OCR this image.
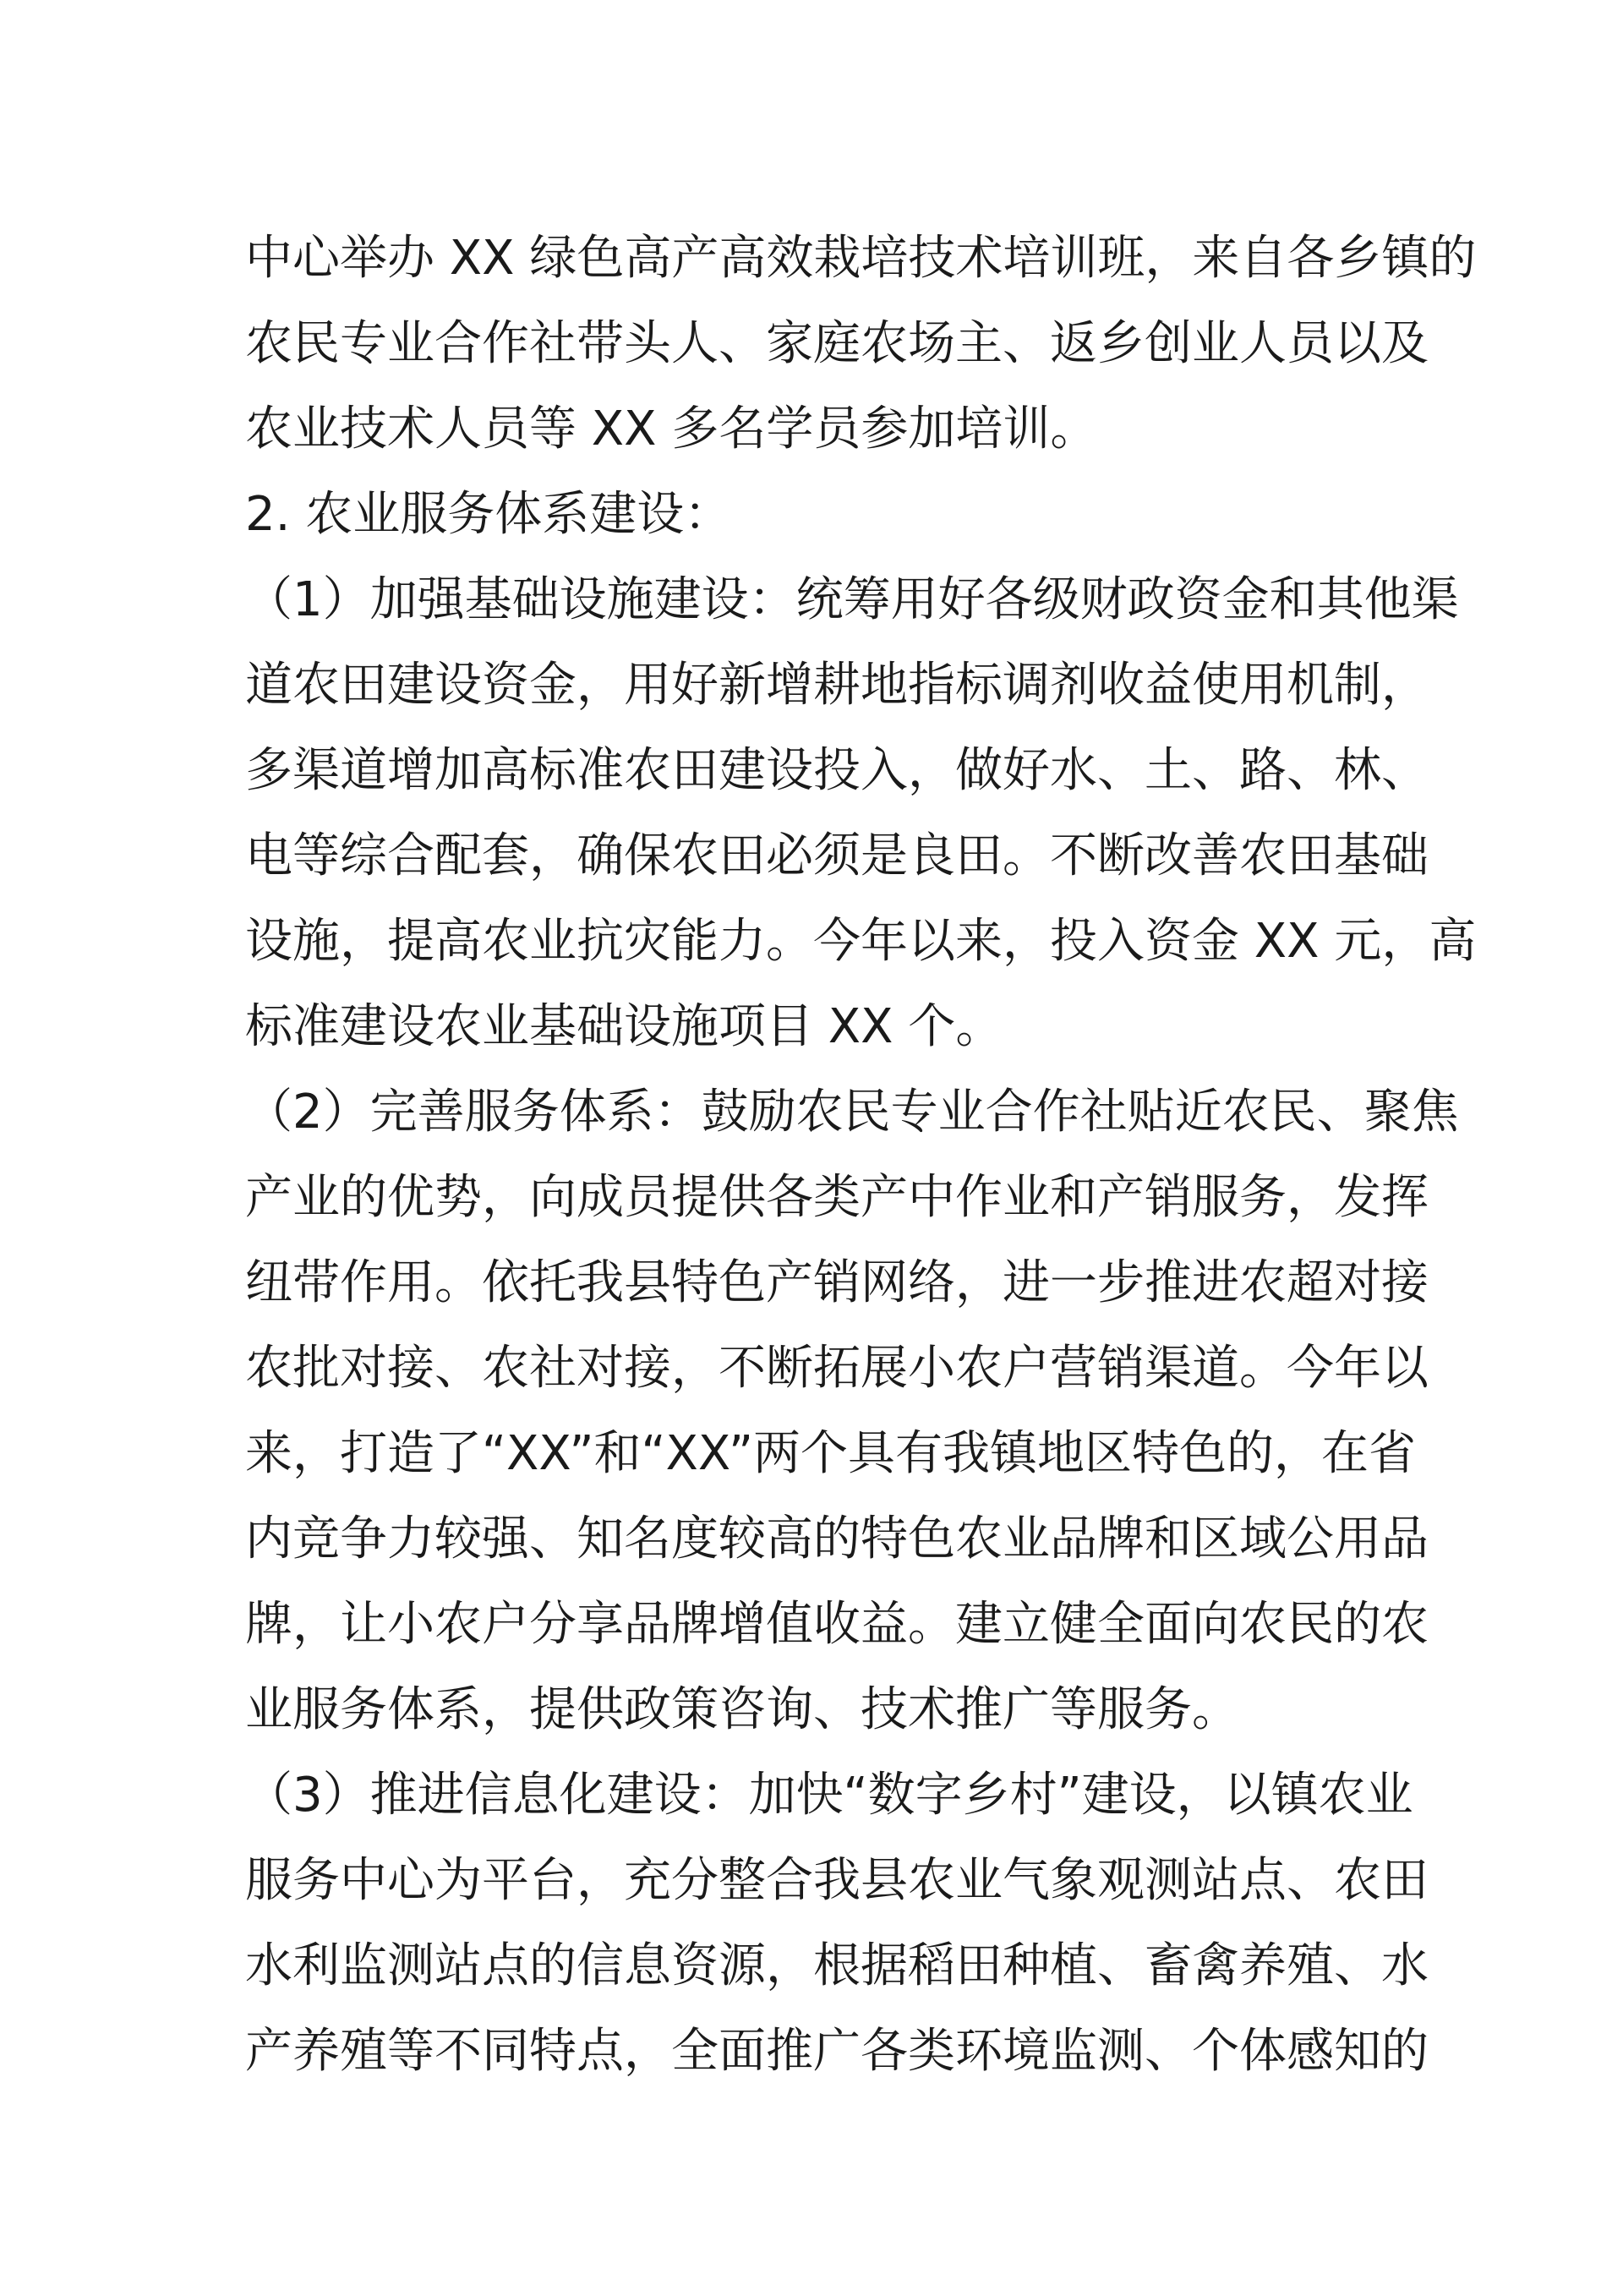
中心举办 XX 绿色高产高效栽培技术培训班，来自各乡镇的
农民专业合作社带头人、家庭农场主、返乡创业人员以及
农业技术人员等 XX 多名学员参加培训。
2. 农业服务体系建设：
（1）加强基础设施建设：统筹用好各级财政资金和其他渠
道农田建设资金，用好新增耕地指标调剂收益使用机制，
多渠道增加高标准农田建设投入，做好水、土、路、林、
电等综合配套，确保农田必须是良田。不断改善农田基础
设施，提高农业抗灾能力。今年以来，投入资金 XX 元，高
标准建设农业基础设施项目 XX 个。
（2）完善服务体系：鼓励农民专业合作社贴近农民、聚焦
产业的优势，向成员提供各类产中作业和产销服务，发挥
纽带作用。依托我县特色产销网络，进一步推进农超对接
农批对接、农社对接，不断拓展小农户营销渠道。今年以
来，打造了“XX”和“XX”两个具有我镇地区特色的，在省
内竞争力较强、知名度较高的特色农业品牌和区域公用品
牌，让小农户分享品牌增值收益。建立健全面向农民的农
业服务体系，提供政策咨询、技术推广等服务。
（3）推进信息化建设：加快“数字乡村”建设，以镇农业
服务中心为平台，充分整合我县农业气象观测站点、农田
水利监测站点的信息资源，根据稻田种植、畜禽养殖、水
产养殖等不同特点，全面推广各类环境监测、个体感知的
